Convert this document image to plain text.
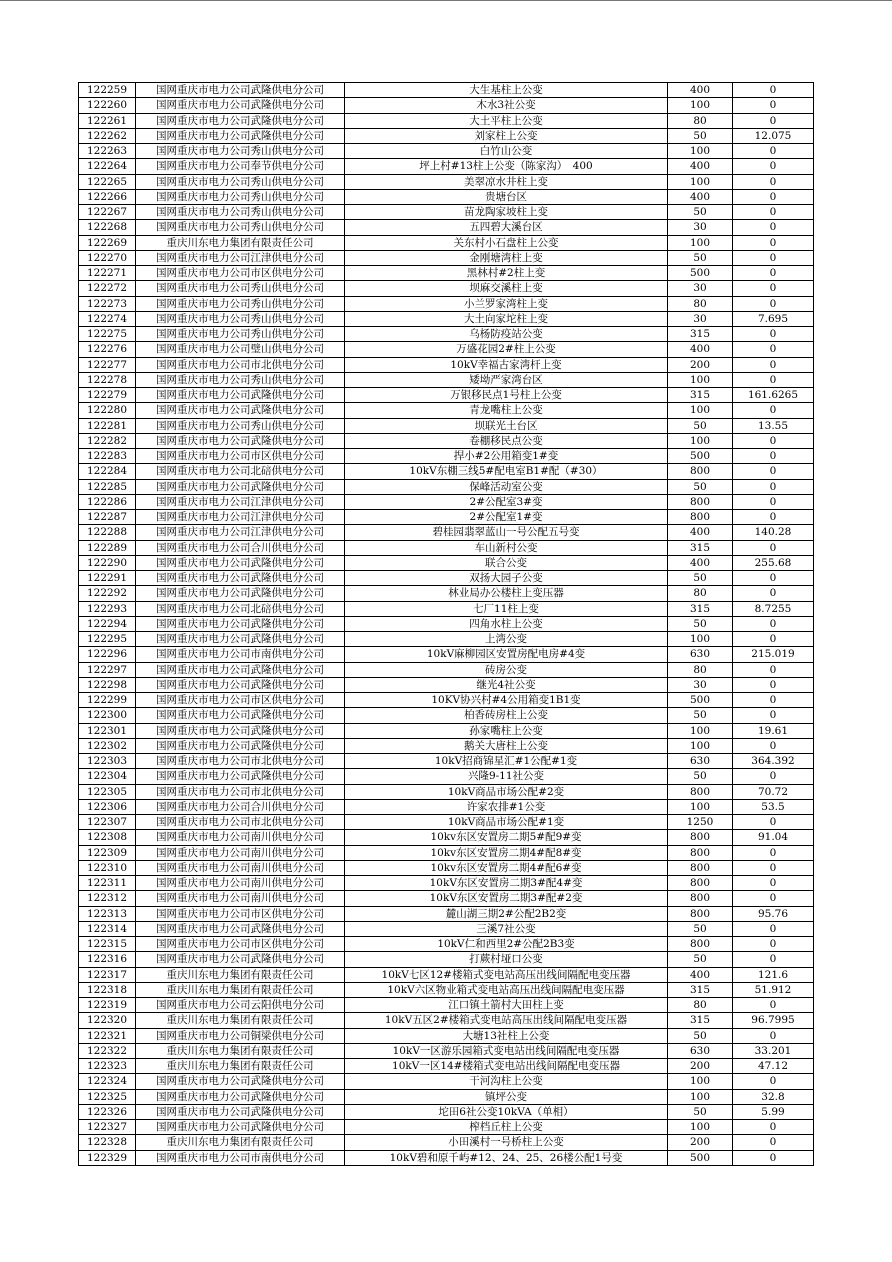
122259	国网重庆市电力公司武隆供电分公司	大生基柱上公变	400	0
122260	国网重庆市电力公司武隆供电分公司	木水3社公变	100	0
122261	国网重庆市电力公司武隆供电分公司	大土平柱上公变	80	0
122262	国网重庆市电力公司武隆供电分公司	刘家柱上公变	50	12.075
122263	国网重庆市电力公司秀山供电分公司	白竹山公变	100	0
122264	国网重庆市电力公司奉节供电分公司	坪上村#13柱上公变（陈家沟）　400	400	0
122265	国网重庆市电力公司秀山供电分公司	美翠凉水井柱上变	100	0
122266	国网重庆市电力公司秀山供电分公司	贵塘台区	400	0
122267	国网重庆市电力公司秀山供电分公司	苗龙陶家坡柱上变	50	0
122268	国网重庆市电力公司秀山供电分公司	五四碧大溪台区	30	0
122269	重庆川东电力集团有限责任公司	关东村小石盘柱上公变	100	0
122270	国网重庆市电力公司江津供电分公司	金刚塘湾柱上变	50	0
122271	国网重庆市电力公司市区供电分公司	黑林村#2柱上变	500	0
122272	国网重庆市电力公司秀山供电分公司	坝麻交溪柱上变	30	0
122273	国网重庆市电力公司秀山供电分公司	小兰罗家湾柱上变	80	0
122274	国网重庆市电力公司秀山供电分公司	大土向家坨柱上变	30	7.695
122275	国网重庆市电力公司秀山供电分公司	乌杨防疫站公变	315	0
122276	国网重庆市电力公司璧山供电分公司	万盛花园2#柱上公变	400	0
122277	国网重庆市电力公司市北供电分公司	10kV幸福古家湾杆上变	200	0
122278	国网重庆市电力公司秀山供电分公司	矮坳严家湾台区	100	0
122279	国网重庆市电力公司武隆供电分公司	万银移民点1号柱上公变	315	161.6265
122280	国网重庆市电力公司武隆供电分公司	青龙嘴柱上公变	100	0
122281	国网重庆市电力公司秀山供电分公司	坝联光土台区	50	13.55
122282	国网重庆市电力公司武隆供电分公司	卷棚移民点公变	100	0
122283	国网重庆市电力公司市区供电分公司	捍小#2公用箱变1#变	500	0
122284	国网重庆市电力公司北碚供电分公司	10kV东棚三线5#配电室B1#配（#30）	800	0
122285	国网重庆市电力公司武隆供电分公司	保峰活动室公变	50	0
122286	国网重庆市电力公司江津供电分公司	2#公配室3#变	800	0
122287	国网重庆市电力公司江津供电分公司	2#公配室1#变	800	0
122288	国网重庆市电力公司江津供电分公司	碧桂园翡翠蓝山一号公配五号变	400	140.28
122289	国网重庆市电力公司合川供电分公司	车山新村公变	315	0
122290	国网重庆市电力公司武隆供电分公司	联合公变	400	255.68
122291	国网重庆市电力公司武隆供电分公司	双扬大园子公变	50	0
122292	国网重庆市电力公司武隆供电分公司	林业局办公楼柱上变压器	80	0
122293	国网重庆市电力公司北碚供电分公司	七厂11柱上变	315	8.7255
122294	国网重庆市电力公司武隆供电分公司	四角水柱上公变	50	0
122295	国网重庆市电力公司武隆供电分公司	上湾公变	100	0
122296	国网重庆市电力公司市南供电分公司	10kV麻柳园区安置房配电房#4变	630	215.019
122297	国网重庆市电力公司武隆供电分公司	砖房公变	80	0
122298	国网重庆市电力公司武隆供电分公司	继光4社公变	30	0
122299	国网重庆市电力公司市区供电分公司	10KV协兴村#4公用箱变1B1变	500	0
122300	国网重庆市电力公司武隆供电分公司	柏香砖房柱上公变	50	0
122301	国网重庆市电力公司武隆供电分公司	孙家嘴柱上公变	100	19.61
122302	国网重庆市电力公司武隆供电分公司	鹅关大唐柱上公变	100	0
122303	国网重庆市电力公司市北供电分公司	10kV招商锦星汇#1公配#1变	630	364.392
122304	国网重庆市电力公司武隆供电分公司	兴隆9-11社公变	50	0
122305	国网重庆市电力公司市北供电分公司	10kV商品市场公配#2变	800	70.72
122306	国网重庆市电力公司合川供电分公司	许家农排#1公变	100	53.5
122307	国网重庆市电力公司市北供电分公司	10kV商品市场公配#1变	1250	0
122308	国网重庆市电力公司南川供电分公司	10kv东区安置房二期5#配9#变	800	91.04
122309	国网重庆市电力公司南川供电分公司	10kv东区安置房二期4#配8#变	800	0
122310	国网重庆市电力公司南川供电分公司	10kv东区安置房二期4#配6#变	800	0
122311	国网重庆市电力公司南川供电分公司	10kV东区安置房二期3#配4#变	800	0
122312	国网重庆市电力公司南川供电分公司	10kV东区安置房二期3#配#2变	800	0
122313	国网重庆市电力公司市区供电分公司	麓山湖三期2#公配2B2变	800	95.76
122314	国网重庆市电力公司武隆供电分公司	三溪7社公变	50	0
122315	国网重庆市电力公司市区供电分公司	10kV仁和西里2#公配2B3变	800	0
122316	国网重庆市电力公司武隆供电分公司	打蕨村垭口公变	50	0
122317	重庆川东电力集团有限责任公司	10kV七区12#楼箱式变电站高压出线间隔配电变压器	400	121.6
122318	重庆川东电力集团有限责任公司	10kV六区物业箱式变电站高压出线间隔配电变压器	315	51.912
122319	国网重庆市电力公司云阳供电分公司	江口镇土箭村大田柱上变	80	0
122320	重庆川东电力集团有限责任公司	10kV五区2#楼箱式变电站高压出线间隔配电变压器	315	96.7995
122321	国网重庆市电力公司铜梁供电分公司	大塘13社柱上公变	50	0
122322	重庆川东电力集团有限责任公司	10kV一区游乐园箱式变电站出线间隔配电变压器	630	33.201
122323	重庆川东电力集团有限责任公司	10kV一区14#楼箱式变电站出线间隔配电变压器	200	47.12
122324	国网重庆市电力公司武隆供电分公司	干河沟柱上公变	100	0
122325	国网重庆市电力公司武隆供电分公司	镇坪公变	100	32.8
122326	国网重庆市电力公司武隆供电分公司	坨田6社公变10kVA（单相）	50	5.99
122327	国网重庆市电力公司武隆供电分公司	榨档丘柱上公变	100	0
122328	重庆川东电力集团有限责任公司	小田溪村一号桥柱上公变	200	0
122329	国网重庆市电力公司市南供电分公司	10kV碧和原千屿#12、24、25、26楼公配1号变	500	0
